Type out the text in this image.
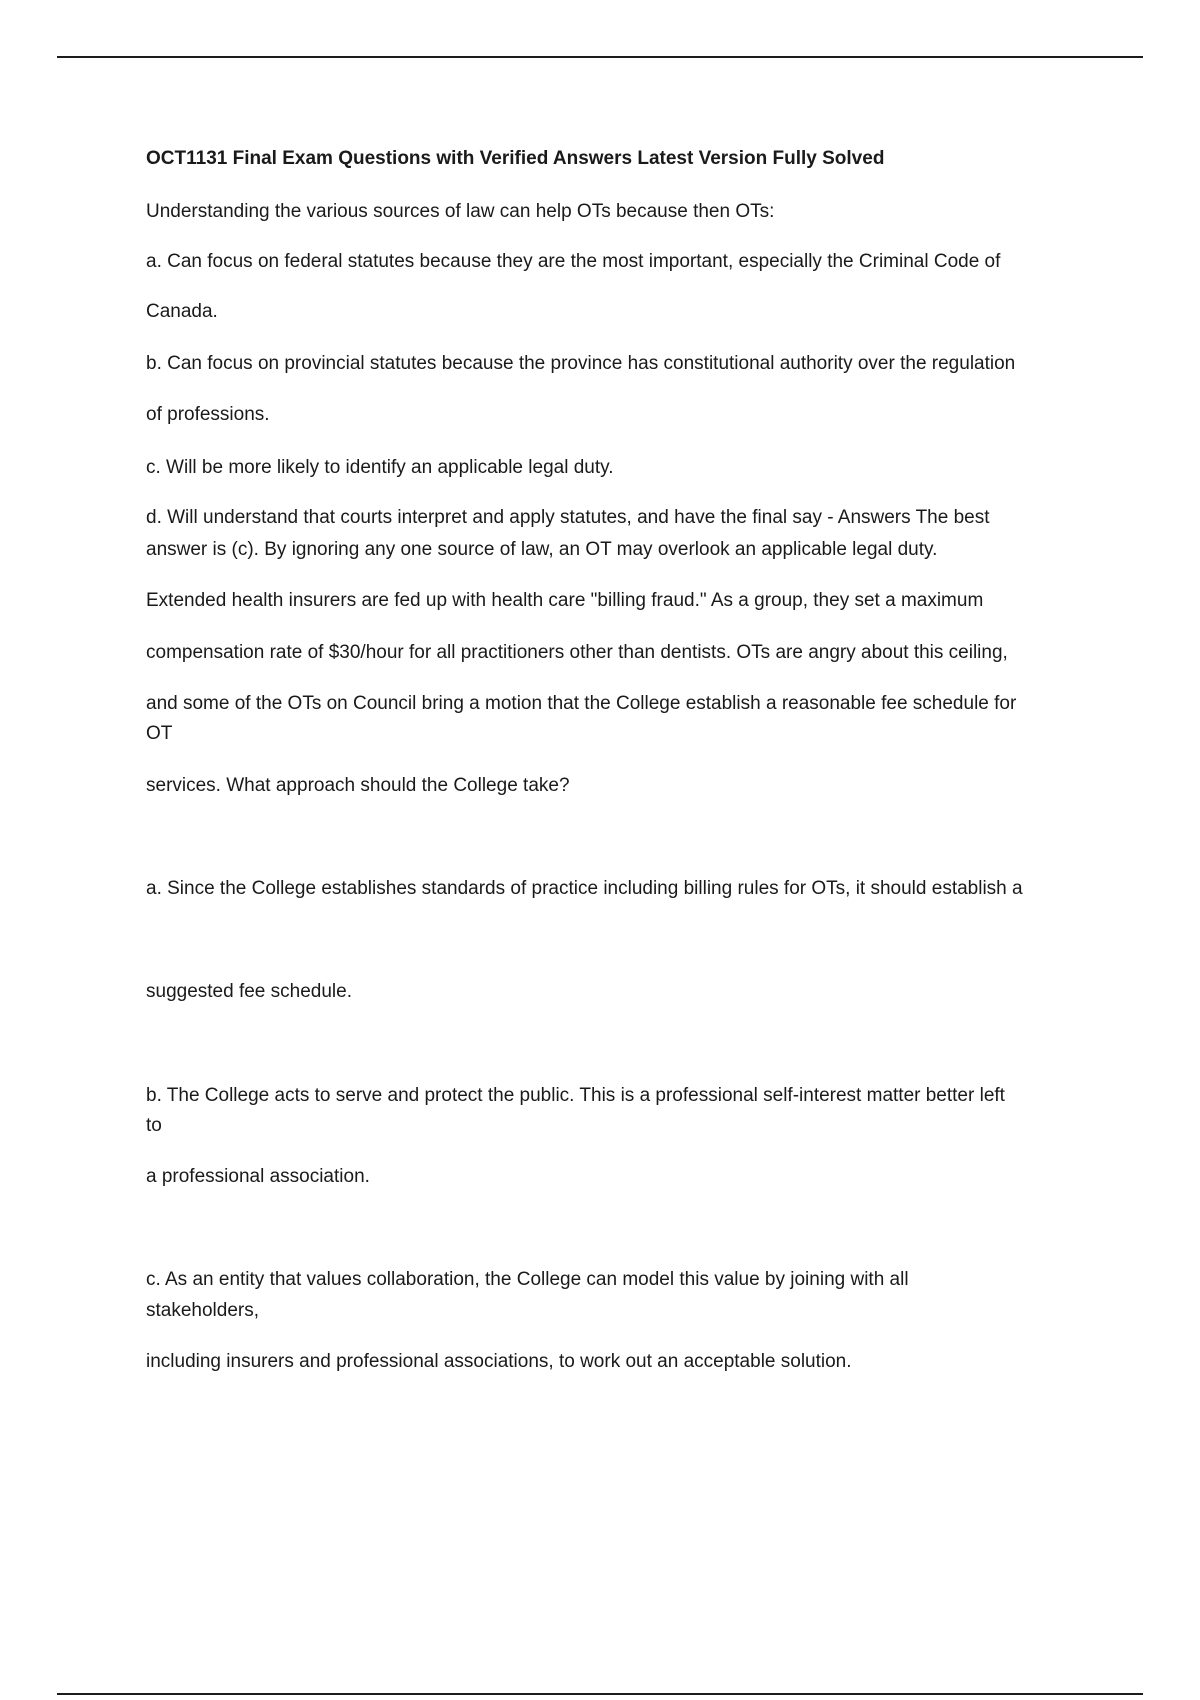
OCT1131 Final Exam Questions with Verified Answers Latest Version Fully Solved
Understanding the various sources of law can help OTs because then OTs:
a. Can focus on federal statutes because they are the most important, especially the Criminal Code of
Canada.
b. Can focus on provincial statutes because the province has constitutional authority over the regulation
of professions.
c. Will be more likely to identify an applicable legal duty.
d. Will understand that courts interpret and apply statutes, and have the final say - Answers The best
answer is (c). By ignoring any one source of law, an OT may overlook an applicable legal duty.
Extended health insurers are fed up with health care "billing fraud." As a group, they set a maximum
compensation rate of $30/hour for all practitioners other than dentists. OTs are angry about this ceiling,
and some of the OTs on Council bring a motion that the College establish a reasonable fee schedule for
OT
services. What approach should the College take?
a. Since the College establishes standards of practice including billing rules for OTs, it should establish a
suggested fee schedule.
b. The College acts to serve and protect the public. This is a professional self-interest matter better left
to
a professional association.
c. As an entity that values collaboration, the College can model this value by joining with all
stakeholders,
including insurers and professional associations, to work out an acceptable solution.
